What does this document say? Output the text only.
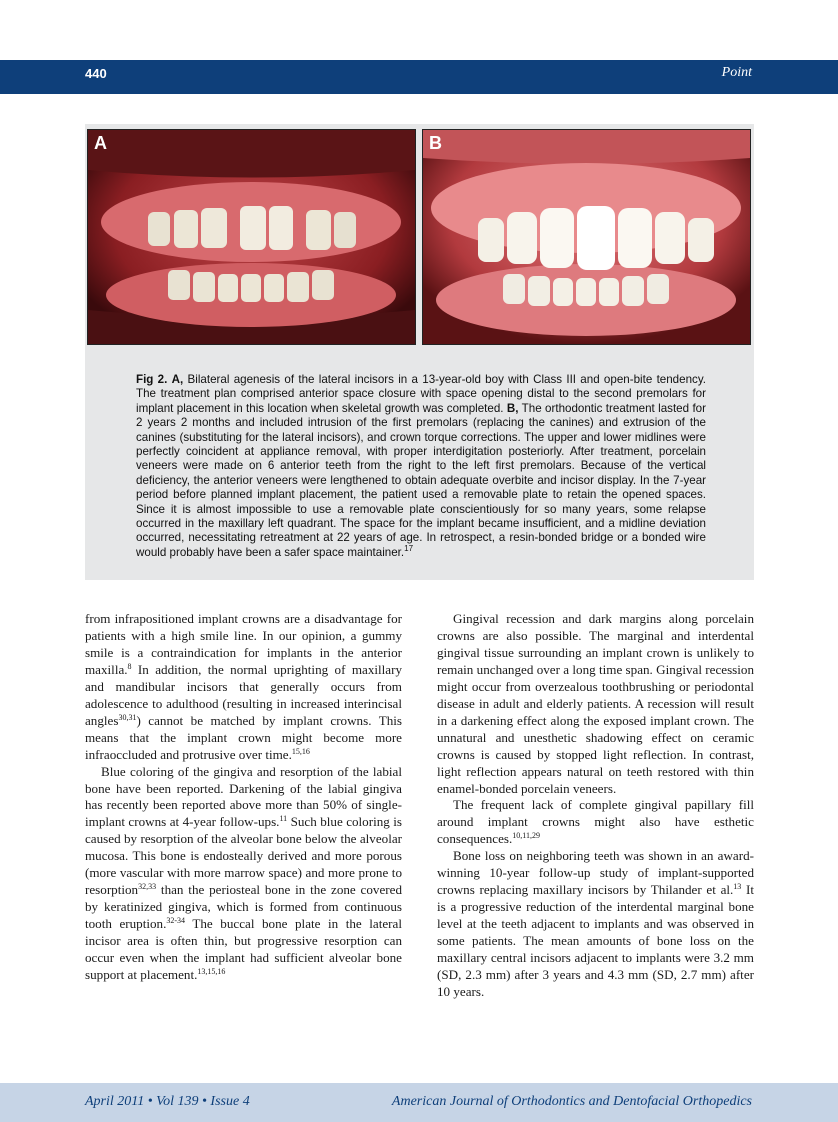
440	Point
A	B
Fig 2. A, Bilateral agenesis of the lateral incisors in a 13-year-old boy with Class III and open-bite tendency. The treatment plan comprised anterior space closure with space opening distal to the second premolars for implant placement in this location when skeletal growth was completed. B, The orthodontic treatment lasted for 2 years 2 months and included intrusion of the first premolars (replacing the canines) and extrusion of the canines (substituting for the lateral incisors), and crown torque corrections. The upper and lower midlines were perfectly coincident at appliance removal, with proper interdigitation posteriorly. After treatment, porcelain veneers were made on 6 anterior teeth from the right to the left first premolars. Because of the vertical deficiency, the anterior veneers were lengthened to obtain adequate overbite and incisor display. In the 7-year period before planned implant placement, the patient used a removable plate to retain the opened spaces. Since it is almost impossible to use a removable plate conscientiously for so many years, some relapse occurred in the maxillary left quadrant. The space for the implant became insufficient, and a midline deviation occurred, necessitating retreatment at 22 years of age. In retrospect, a resin-bonded bridge or a bonded wire would probably have been a safer space maintainer.$^{17}$

from infrapositioned implant crowns are a disadvantage for patients with a high smile line. In our opinion, a gummy smile is a contraindication for implants in the anterior maxilla.$^8$ In addition, the normal uprighting of maxillary and mandibular incisors that generally occurs from adolescence to adulthood (resulting in increased interincisal angles$^{30,31}$) cannot be matched by implant crowns. This means that the implant crown might become more infraoccluded and protrusive over time.$^{15,16}$

Blue coloring of the gingiva and resorption of the labial bone have been reported. Darkening of the labial gingiva has recently been reported above more than 50% of single-implant crowns at 4-year follow-ups.$^{11}$ Such blue coloring is caused by resorption of the alveolar bone below the alveolar mucosa. This bone is endosteally derived and more porous (more vascular with more marrow space) and more prone to resorption$^{32,33}$ than the periosteal bone in the zone covered by keratinized gingiva, which is formed from continuous tooth eruption.$^{32-34}$ The buccal bone plate in the lateral incisor area is often thin, but progressive resorption can occur even when the implant had sufficient alveolar bone support at placement.$^{13,15,16}$

Gingival recession and dark margins along porcelain crowns are also possible. The marginal and interdental gingival tissue surrounding an implant crown is unlikely to remain unchanged over a long time span. Gingival recession might occur from overzealous toothbrushing or periodontal disease in adult and elderly patients. A recession will result in a darkening effect along the exposed implant crown. The unnatural and unesthetic shadowing effect on ceramic crowns is caused by stopped light reflection. In contrast, light reflection appears natural on teeth restored with thin enamel-bonded porcelain veneers.

The frequent lack of complete gingival papillary fill around implant crowns might also have esthetic consequences.$^{10,11,29}$

Bone loss on neighboring teeth was shown in an award-winning 10-year follow-up study of implant-supported crowns replacing maxillary incisors by Thilander et al.$^{13}$ It is a progressive reduction of the interdental marginal bone level at the teeth adjacent to implants and was observed in some patients. The mean amounts of bone loss on the maxillary central incisors adjacent to implants were 3.2 mm (SD, 2.3 mm) after 3 years and 4.3 mm (SD, 2.7 mm) after 10 years.

April 2011 • Vol 139 • Issue 4	American Journal of Orthodontics and Dentofacial Orthopedics
